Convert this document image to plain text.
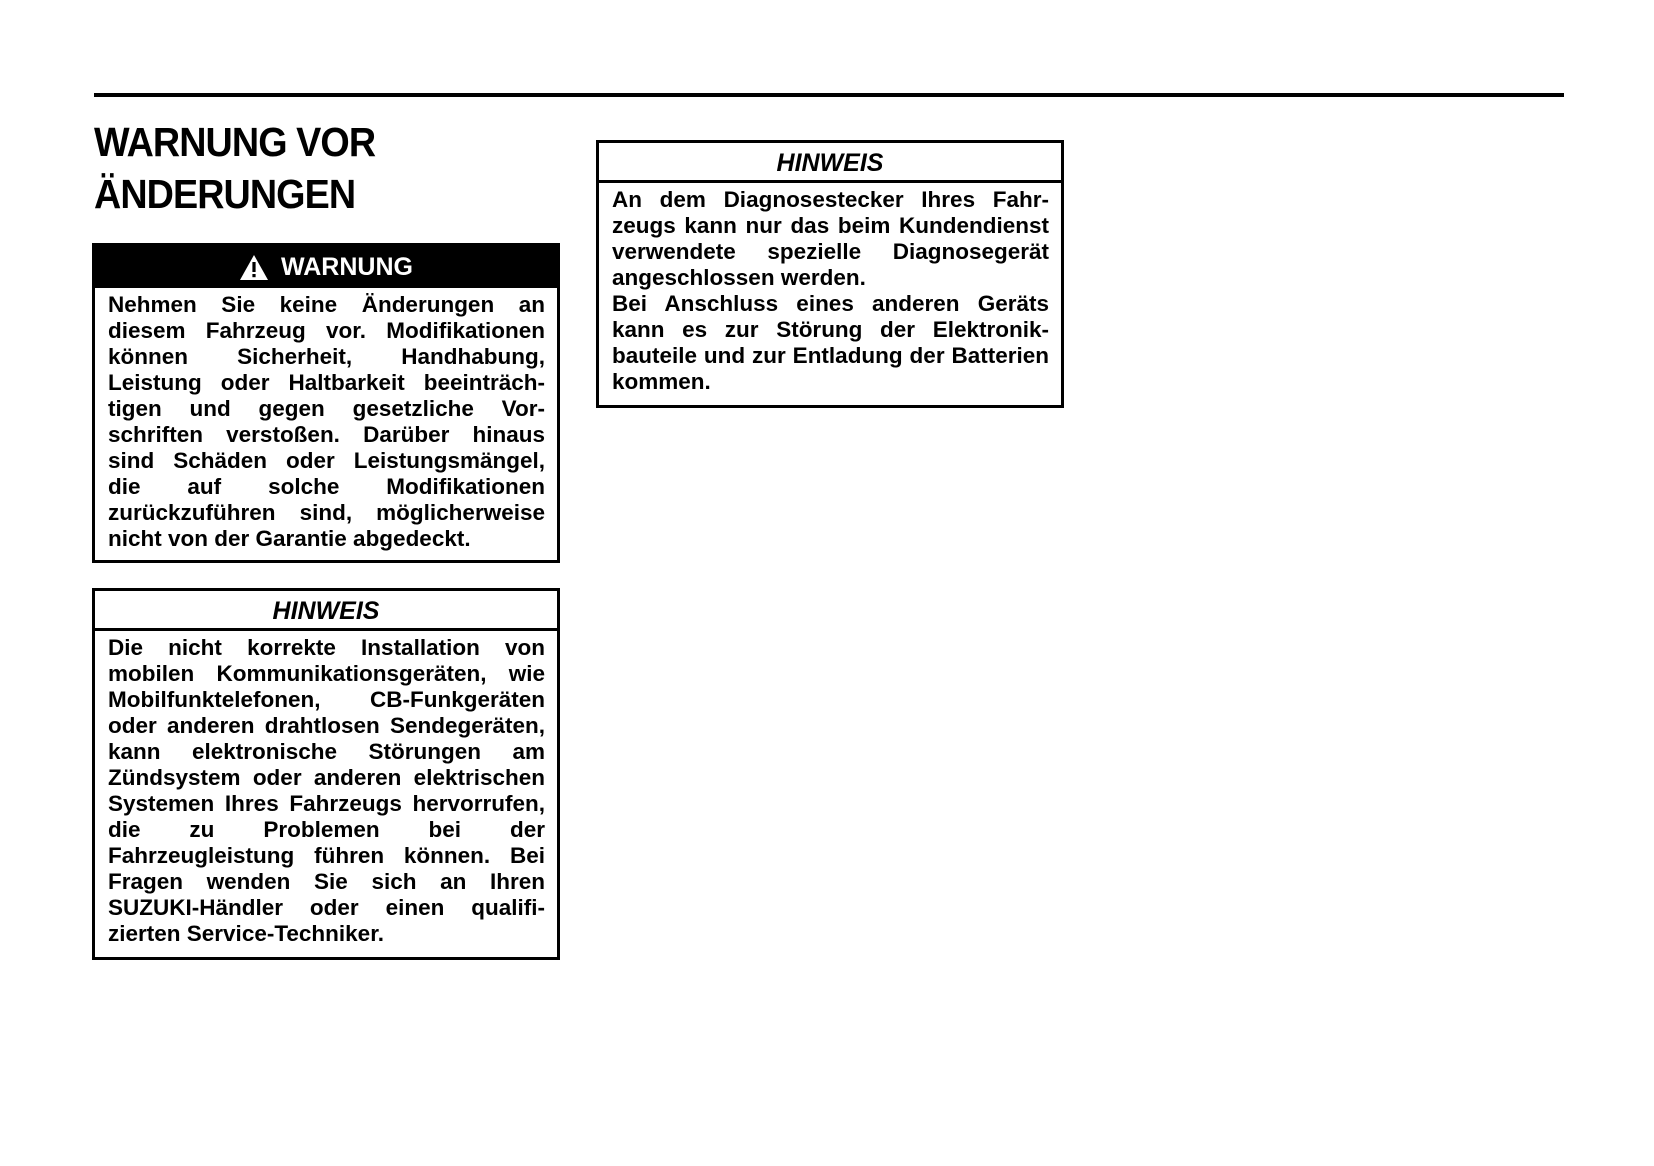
WARNUNG VOR
ÄNDERUNGEN
WARNUNG

Nehmen Sie keine Änderungen an diesem Fahrzeug vor. Modifikationen können Sicherheit, Handhabung, Leistung oder Haltbarkeit beeinträchtigen und gegen gesetzliche Vorschriften verstoßen. Darüber hinaus sind Schäden oder Leistungsmängel, die auf solche Modifikationen zurückzuführen sind, möglicherweise nicht von der Garantie abgedeckt.

HINWEIS

Die nicht korrekte Installation von mobilen Kommunikationsgeräten, wie Mobilfunktelefonen, CB-Funkgeräten oder anderen drahtlosen Sendegeräten, kann elektronische Störungen am Zündsystem oder anderen elektrischen Systemen Ihres Fahrzeugs hervorrufen, die zu Problemen bei der Fahrzeugleistung führen können. Bei Fragen wenden Sie sich an Ihren SUZUKI-Händler oder einen qualifizierten Service-Techniker.

HINWEIS

An dem Diagnosestecker Ihres Fahrzeugs kann nur das beim Kundendienst verwendete spezielle Diagnosegerät angeschlossen werden.

Bei Anschluss eines anderen Geräts kann es zur Störung der Elektronikbauteile und zur Entladung der Batterien kommen.
